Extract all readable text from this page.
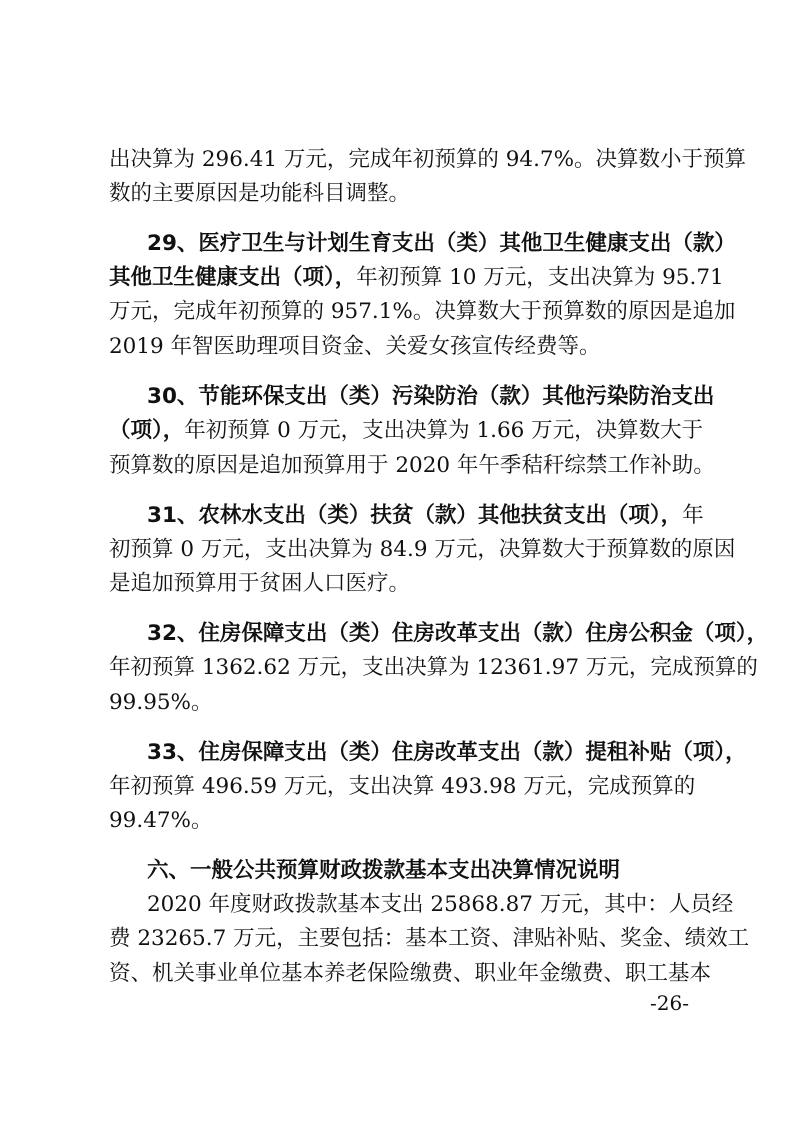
出决算为 296.41 万元，完成年初预算的 94.7%。决算数小于预算
数的主要原因是功能科目调整。
29、医疗卫生与计划生育支出（类）其他卫生健康支出（款）
其他卫生健康支出（项），年初预算 10 万元，支出决算为 95.71
万元，完成年初预算的 957.1%。决算数大于预算数的原因是追加
2019 年智医助理项目资金、关爱女孩宣传经费等。
30、节能环保支出（类）污染防治（款）其他污染防治支出
（项），年初预算 0 万元，支出决算为 1.66 万元，决算数大于
预算数的原因是追加预算用于 2020 年午季秸秆综禁工作补助。
31、农林水支出（类）扶贫（款）其他扶贫支出（项），年
初预算 0 万元，支出决算为 84.9 万元，决算数大于预算数的原因
是追加预算用于贫困人口医疗。
32、住房保障支出（类）住房改革支出（款）住房公积金（项），
年初预算 1362.62 万元，支出决算为 12361.97 万元，完成预算的
99.95%。
33、住房保障支出（类）住房改革支出（款）提租补贴（项），
年初预算 496.59 万元，支出决算 493.98 万元，完成预算的
99.47%。
六、一般公共预算财政拨款基本支出决算情况说明
2020 年度财政拨款基本支出 25868.87 万元，其中：人员经
费 23265.7 万元，主要包括：基本工资、津贴补贴、奖金、绩效工
资、机关事业单位基本养老保险缴费、职业年金缴费、职工基本
-26-
